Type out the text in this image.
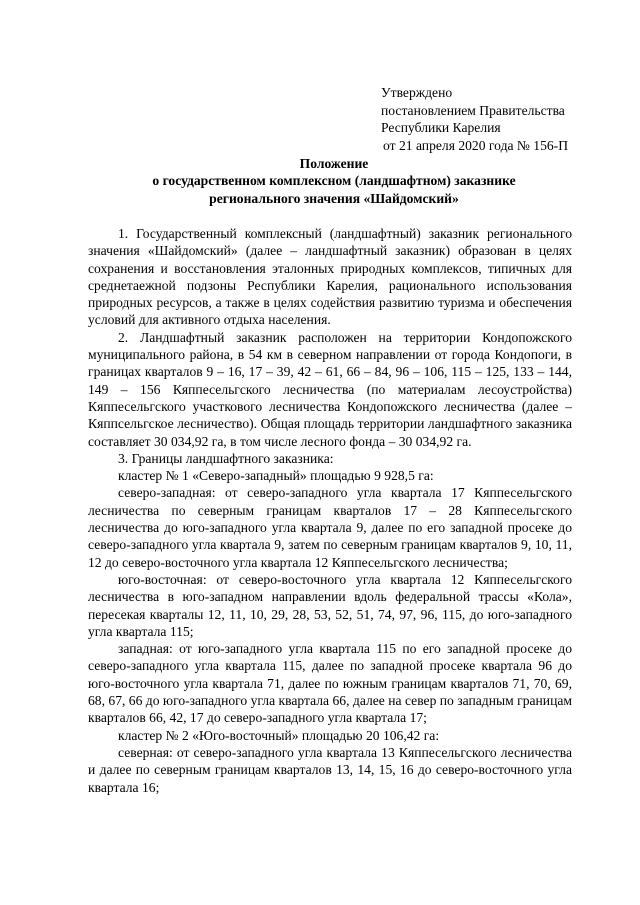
Утверждено
постановлением Правительства
Республики Карелия
от 21 апреля 2020 года № 156-П
Положение
о государственном комплексном (ландшафтном) заказнике
регионального значения «Шайдомский»

1. Государственный комплексный (ландшафтный) заказник регионального значения «Шайдомский» (далее – ландшафтный заказник) образован в целях сохранения и восстановления эталонных природных комплексов, типичных для среднетаежной подзоны Республики Карелия, рационального использования природных ресурсов, а также в целях содействия развитию туризма и обеспечения условий для активного отдыха населения.

2. Ландшафтный заказник расположен на территории Кондопожского муниципального района, в 54 км в северном направлении от города Кондопоги, в границах кварталов 9 – 16, 17 – 39, 42 – 61, 66 – 84, 96 – 106, 115 – 125, 133 – 144, 149 – 156 Кяппесельгского лесничества (по материалам лесоустройства) Кяппесельгского участкового лесничества Кондопожского лесничества (далее – Кяппсельгское лесничество). Общая площадь территории ландшафтного заказника составляет 30 034,92 га, в том числе лесного фонда – 30 034,92 га.

3. Границы ландшафтного заказника:

кластер № 1 «Северо-западный» площадью 9 928,5 га:

северо-западная: от северо-западного угла квартала 17 Кяппесельгского лесничества по северным границам кварталов 17 – 28 Кяппесельгского лесничества до юго-западного угла квартала 9, далее по его западной просеке до северо-западного угла квартала 9, затем по северным границам кварталов 9, 10, 11, 12 до северо-восточного угла квартала 12 Кяппесельгского лесничества;

юго-восточная: от северо-восточного угла квартала 12 Кяппесельгского лесничества в юго-западном направлении вдоль федеральной трассы «Кола», пересекая кварталы 12, 11, 10, 29, 28, 53, 52, 51, 74, 97, 96, 115, до юго-западного угла квартала 115;

западная: от юго-западного угла квартала 115 по его западной просеке до северо-западного угла квартала 115, далее по западной просеке квартала 96 до юго-восточного угла квартала 71, далее по южным границам кварталов 71, 70, 69, 68, 67, 66 до юго-западного угла квартала 66, далее на север по западным границам кварталов 66, 42, 17 до северо-западного угла квартала 17;

кластер № 2 «Юго-восточный» площадью 20 106,42 га:

северная: от северо-западного угла квартала 13 Кяппесельгского лесничества и далее по северным границам кварталов 13, 14, 15, 16 до северо-восточного угла квартала 16;
